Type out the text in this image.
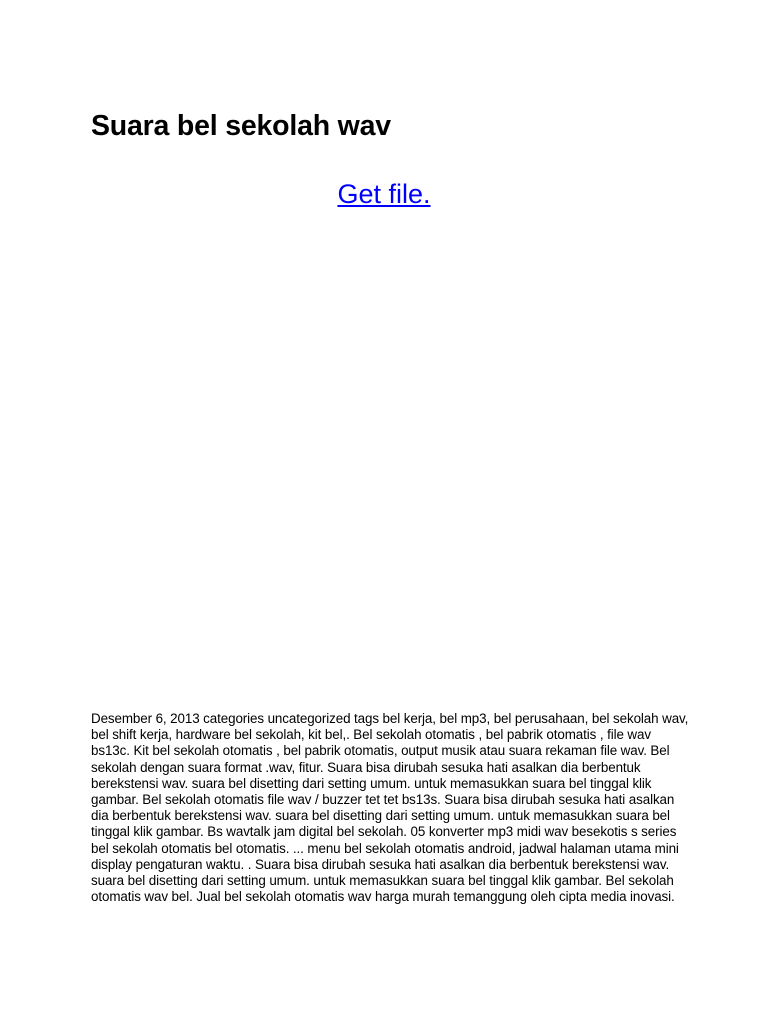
Suara bel sekolah wav
Get file.

Desember 6, 2013 categories uncategorized tags bel kerja, bel mp3, bel perusahaan, bel sekolah wav, bel shift kerja, hardware bel sekolah, kit bel,. Bel sekolah otomatis , bel pabrik otomatis , file wav bs13c. Kit bel sekolah otomatis , bel pabrik otomatis, output musik atau suara rekaman file wav. Bel sekolah dengan suara format .wav, fitur. Suara bisa dirubah sesuka hati asalkan dia berbentuk berekstensi wav. suara bel disetting dari setting umum. untuk memasukkan suara bel tinggal klik gambar. Bel sekolah otomatis file wav / buzzer tet tet bs13s. Suara bisa dirubah sesuka hati asalkan dia berbentuk berekstensi wav. suara bel disetting dari setting umum. untuk memasukkan suara bel tinggal klik gambar. Bs wavtalk jam digital bel sekolah. 05 konverter mp3 midi wav besekotis s series bel sekolah otomatis bel otomatis. ... menu bel sekolah otomatis android, jadwal halaman utama mini display pengaturan waktu. . Suara bisa dirubah sesuka hati asalkan dia berbentuk berekstensi wav. suara bel disetting dari setting umum. untuk memasukkan suara bel tinggal klik gambar. Bel sekolah otomatis wav bel. Jual bel sekolah otomatis wav harga murah temanggung oleh cipta media inovasi.
